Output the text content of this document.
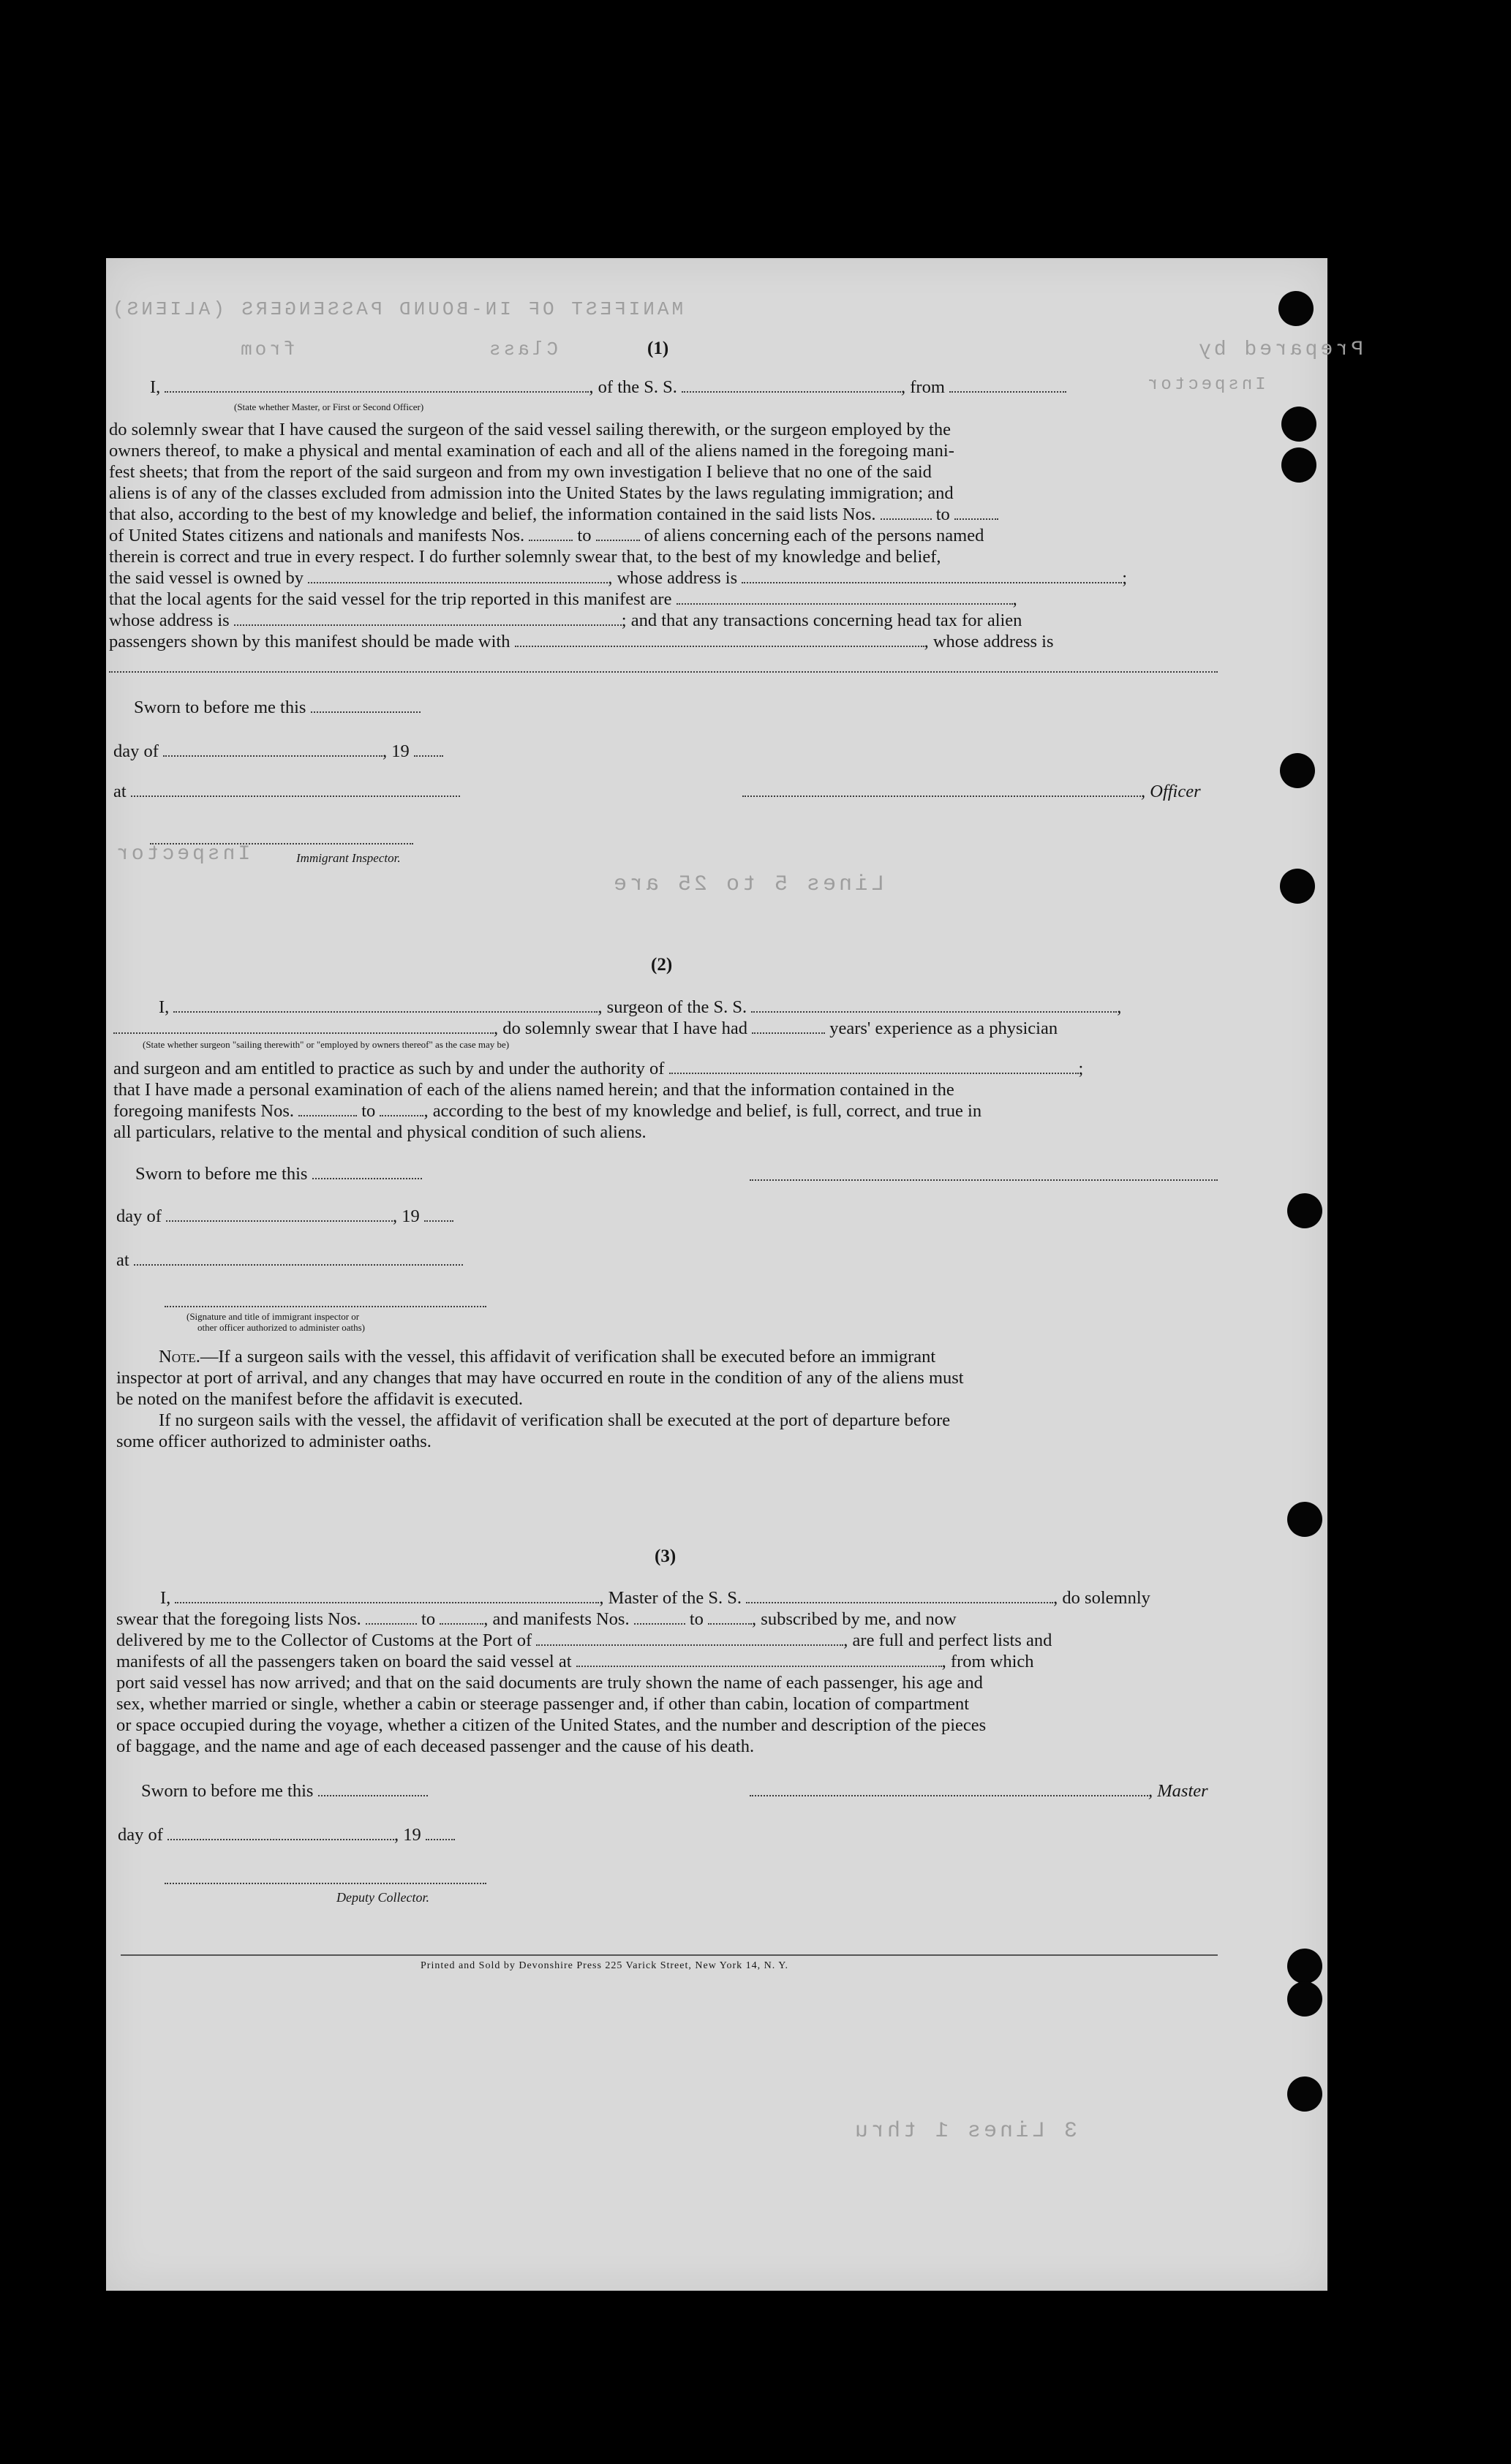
MANIFEST OF IN-BOUND PASSENGERS (ALIENS)
Class
from	Prepared by
Inspector
Lines 5 to 25 are
Inspector
3 Lines 1 thru
(1)
I,	, of the S. S.	, from
(State whether Master, or First or Second Officer)
do solemnly swear that I have caused the surgeon of the said vessel sailing therewith, or the surgeon employed by the
owners thereof, to make a physical and mental examination of each and all of the aliens named in the foregoing mani-
fest sheets; that from the report of the said surgeon and from my own investigation I believe that no one of the said
aliens is of any of the classes excluded from admission into the United States by the laws regulating immigration; and
that also, according to the best of my knowledge and belief, the information contained in the said lists Nos.	to
of United States citizens and nationals and manifests Nos.	to	of aliens concerning each of the persons named
therein is correct and true in every respect. I do further solemnly swear that, to the best of my knowledge and belief,
the said vessel is owned by	, whose address is	;
that the local agents for the said vessel for the trip reported in this manifest are	,
whose address is	; and that any transactions concerning head tax for alien
passengers shown by this manifest should be made with	, whose address is
Sworn to before me this
day of	, 19
at	, Officer
Immigrant Inspector.
(2)
I,	, surgeon of the S. S.	,
, do solemnly swear that I have had	years' experience as a physician
(State whether surgeon "sailing therewith" or "employed by owners thereof" as the case may be)
and surgeon and am entitled to practice as such by and under the authority of	;
that I have made a personal examination of each of the aliens named herein; and that the information contained in the
foregoing manifests Nos.	to	, according to the best of my knowledge and belief, is full, correct, and true in
all particulars, relative to the mental and physical condition of such aliens.
Sworn to before me this
day of	, 19
at
(Signature and title of immigrant inspector or
other officer authorized to administer oaths)
Note.—If a surgeon sails with the vessel, this affidavit of verification shall be executed before an immigrant
inspector at port of arrival, and any changes that may have occurred en route in the condition of any of the aliens must
be noted on the manifest before the affidavit is executed.
If no surgeon sails with the vessel, the affidavit of verification shall be executed at the port of departure before
some officer authorized to administer oaths.
(3)
I,	, Master of the S. S.	, do solemnly
swear that the foregoing lists Nos.	to	, and manifests Nos.	to	, subscribed by me, and now
delivered by me to the Collector of Customs at the Port of	, are full and perfect lists and
manifests of all the passengers taken on board the said vessel at	, from which
port said vessel has now arrived; and that on the said documents are truly shown the name of each passenger, his age and
sex, whether married or single, whether a cabin or steerage passenger and, if other than cabin, location of compartment
or space occupied during the voyage, whether a citizen of the United States, and the number and description of the pieces
of baggage, and the name and age of each deceased passenger and the cause of his death.
Sworn to before me this	, Master
day of	, 19
Deputy Collector.
Printed and Sold by Devonshire Press 225 Varick Street, New York 14, N. Y.
